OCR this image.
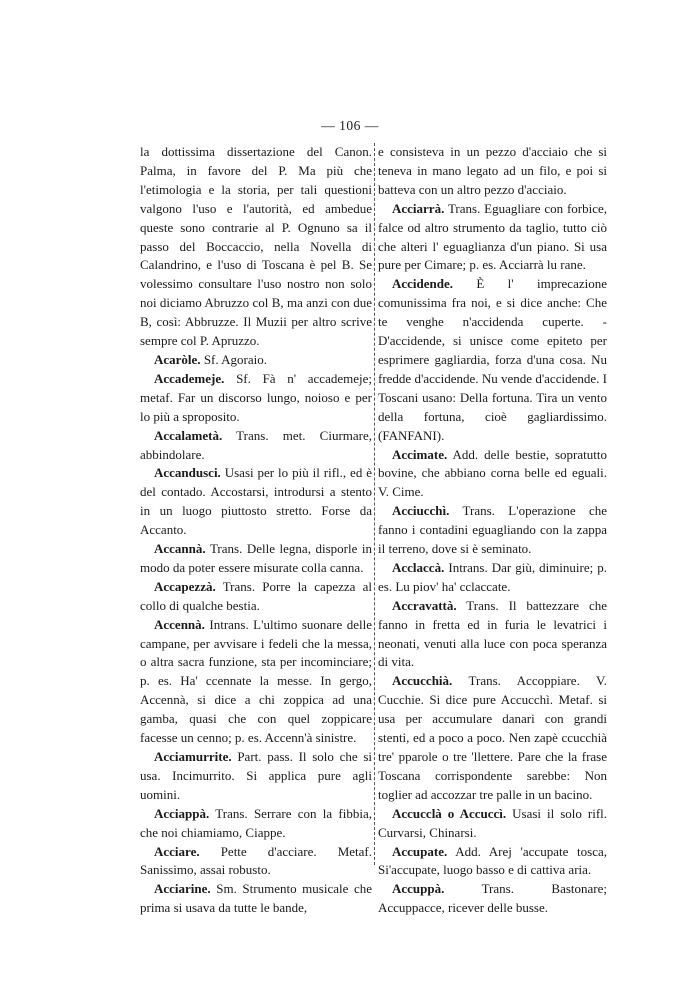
— 106 —

la dottissima dissertazione del Canon. Palma, in favore del P. Ma più che l'etimologia e la storia, per tali questioni valgono l'uso e l'autorità, ed ambedue queste sono contrarie al P. Ognuno sa il passo del Boccaccio, nella Novella di Calandrino, e l'uso di Toscana è pel B. Se volessimo consultare l'uso nostro non solo noi diciamo Abruzzo col B, ma anzi con due B, così: Abbruzze. Il Muzii per altro scrive sempre col P. Apruzzo.

Acaròle. Sf. Agoraio.

Accademeje. Sf. Fà n' accademeje; metaf. Far un discorso lungo, noioso e per lo più a sproposito.

Accalametà. Trans. met. Ciurmare, abbindolare.

Accandusci. Usasi per lo più il rifl., ed è del contado. Accostarsi, introdursi a stento in un luogo piuttosto stretto. Forse da Accanto.

Accannà. Trans. Delle legna, disporle in modo da poter essere misurate colla canna.

Accapezzà. Trans. Porre la capezza al collo di qualche bestia.

Accennà. Intrans. L'ultimo suonare delle campane, per avvisare i fedeli che la messa, o altra sacra funzione, sta per incominciare; p. es. Ha' ccennate la messe. In gergo, Accennà, si dice a chi zoppica ad una gamba, quasi che con quel zoppicare facesse un cenno; p. es. Accenn'à sinistre.

Acciamurrite. Part. pass. Il solo che si usa. Incimurrito. Si applica pure agli uomini.

Acciappà. Trans. Serrare con la fibbia, che noi chiamiamo, Ciappe.

Acciare. Pette d'acciare. Metaf. Sanissimo, assai robusto.

Acciarine. Sm. Strumento musicale che prima si usava da tutte le bande,

e consisteva in un pezzo d'acciaio che si teneva in mano legato ad un filo, e poi si batteva con un altro pezzo d'acciaio.

Acciarrà. Trans. Eguagliare con forbice, falce od altro strumento da taglio, tutto ciò che alteri l' eguaglianza d'un piano. Si usa pure per Cimare; p. es. Acciarrà lu rane.

Accidende. È l' imprecazione comunissima fra noi, e si dice anche: Che te venghe n'accidenda cuperte. - D'accidende, si unisce come epiteto per esprimere gagliardia, forza d'una cosa. Nu fredde d'accidende. Nu vende d'accidende. I Toscani usano: Della fortuna. Tira un vento della fortuna, cioè gagliardissimo. (FANFANI).

Accimate. Add. delle bestie, sopratutto bovine, che abbiano corna belle ed eguali. V. Cime.

Acciucchì. Trans. L'operazione che fanno i contadini eguagliando con la zappa il terreno, dove si è seminato.

Acclaccà. Intrans. Dar giù, diminuire; p. es. Lu piov' ha' cclaccate.

Accravattà. Trans. Il battezzare che fanno in fretta ed in furia le levatrici i neonati, venuti alla luce con poca speranza di vita.

Accucchià. Trans. Accoppiare. V. Cucchie. Si dice pure Accucchì. Metaf. si usa per accumulare danari con grandi stenti, ed a poco a poco. Nen zapè ccucchià tre' pparole o tre 'llettere. Pare che la frase Toscana corrispondente sarebbe: Non toglier ad accozzar tre palle in un bacino.

Accucclà o Accuccì. Usasi il solo rifl. Curvarsi, Chinarsi.

Accupate. Add. Arej 'accupate tosca, Si'accupate, luogo basso e di cattiva aria.

Accuppà.	Trans. Bastonare; Accuppacce, ricever delle busse.
